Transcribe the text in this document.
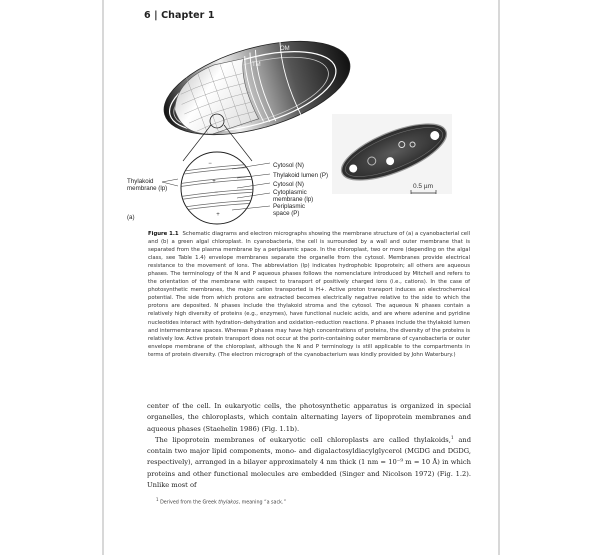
6 | Chapter 1
OM
TM
−
+
−
+
0.5 µm
Cytosol (N)
Thylakoid lumen (P)
Cytosol (N)
Cytoplasmic
membrane (lp)
Periplasmic
space (P)
Thylakoid
membrane (lp)
(a)
Figure 1.1 Schematic diagrams and electron micrographs showing the membrane structure of (a) a cyanobacterial cell and (b) a green algal chloroplast. In cyanobacteria, the cell is surrounded by a wall and outer membrane that is separated from the plasma membrane by a periplasmic space. In the chloroplast, two or more (depending on the algal class, see Table 1.4) envelope membranes separate the organelle from the cytosol. Membranes provide electrical resistance to the movement of ions. The abbreviation (lp) indicates hydrophobic lipoprotein; all others are aqueous phases. The terminology of the N and P aqueous phases follows the nomenclature introduced by Mitchell and refers to the orientation of the membrane with respect to transport of positively charged ions (i.e., cations). In the case of photosynthetic membranes, the major cation transported is H+. Active proton transport induces an electrochemical potential. The side from which protons are extracted becomes electrically negative relative to the side to which the protons are deposited. N phases include the thylakoid stroma and the cytosol. The aqueous N phases contain a relatively high diversity of proteins (e.g., enzymes), have functional nucleic acids, and are where adenine and pyridine nucleotides interact with hydration–dehydration and oxidation–reduction reactions. P phases include the thylakoid lumen and intermembrane spaces. Whereas P phases may have high concentrations of proteins, the diversity of the proteins is relatively low. Active protein transport does not occur at the porin-containing outer membrane of cyanobacteria or outer envelope membrane of the chloroplast, although the N and P terminology is still applicable to the compartments in terms of protein diversity. (The electron micrograph of the cyanobacterium was kindly provided by John Waterbury.)

center of the cell. In eukaryotic cells, the photosynthetic apparatus is organized in special organelles, the chloroplasts, which contain alternating layers of lipoprotein membranes and aqueous phases (Staehelin 1986) (Fig. 1.1b).

The lipoprotein membranes of eukaryotic cell chloroplasts are called thylakoids,$^1$ and contain two major lipid components, mono- and digalactosyldiacylglycerol (MGDG and DGDG, respectively), arranged in a bilayer approximately 4 nm thick (1 nm = 10⁻⁹ m = 10 Å) in which proteins and other functional molecules are embedded (Singer and Nicolson 1972) (Fig. 1.2). Unlike most of

$^1$ Derived from the Greek thylakos, meaning “a sack.”
